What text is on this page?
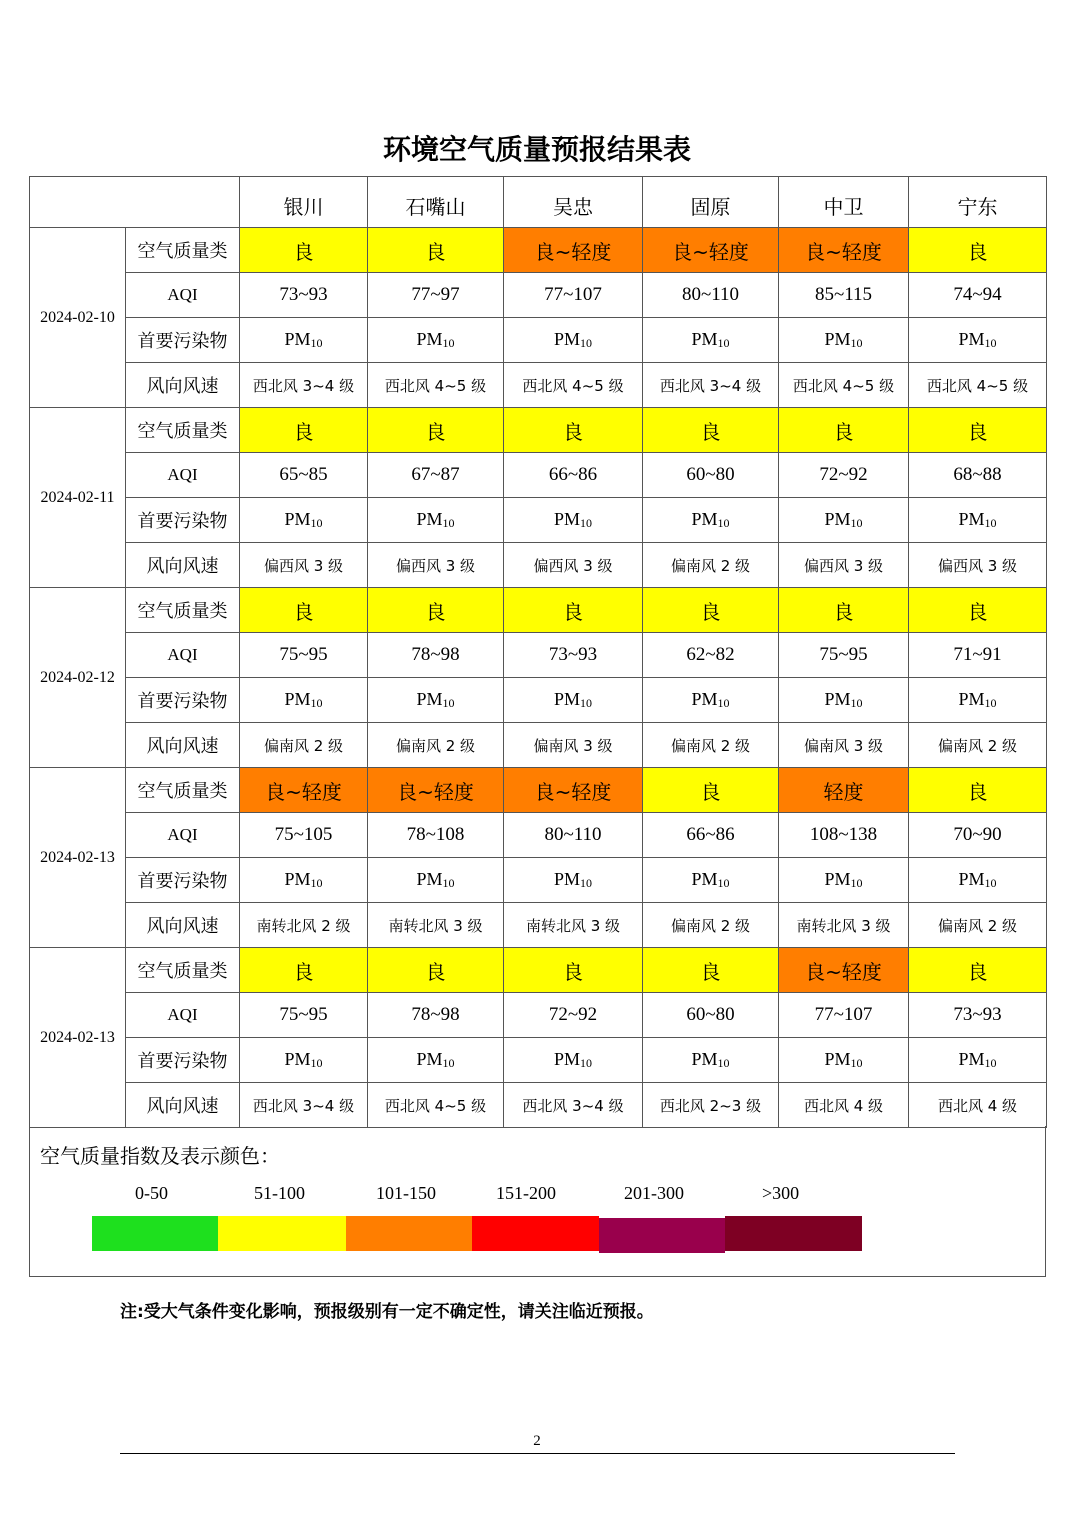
环境空气质量预报结果表
		银川	石嘴山	吴忠	固原	中卫	宁东
2024-02-10	空气质量类	良	良	良~轻度	良~轻度	良~轻度	良
	AQI	73~93	77~97	77~107	80~110	85~115	74~94
	首要污染物	$PM_{10}$	$PM_{10}$	$PM_{10}$	$PM_{10}$	$PM_{10}$	$PM_{10}$
	风向风速	西北风 3~4 级	西北风 4~5 级	西北风 4~5 级	西北风 3~4 级	西北风 4~5 级	西北风 4~5 级
2024-02-11	空气质量类	良	良	良	良	良	良
	AQI	65~85	67~87	66~86	60~80	72~92	68~88
	首要污染物	$PM_{10}$	$PM_{10}$	$PM_{10}$	$PM_{10}$	$PM_{10}$	$PM_{10}$
	风向风速	偏西风 3 级	偏西风 3 级	偏西风 3 级	偏南风 2 级	偏西风 3 级	偏西风 3 级
2024-02-12	空气质量类	良	良	良	良	良	良
	AQI	75~95	78~98	73~93	62~82	75~95	71~91
	首要污染物	$PM_{10}$	$PM_{10}$	$PM_{10}$	$PM_{10}$	$PM_{10}$	$PM_{10}$
	风向风速	偏南风 2 级	偏南风 2 级	偏南风 3 级	偏南风 2 级	偏南风 3 级	偏南风 2 级
2024-02-13	空气质量类	良~轻度	良~轻度	良~轻度	良	轻度	良
	AQI	75~105	78~108	80~110	66~86	108~138	70~90
	首要污染物	$PM_{10}$	$PM_{10}$	$PM_{10}$	$PM_{10}$	$PM_{10}$	$PM_{10}$
	风向风速	南转北风 2 级	南转北风 3 级	南转北风 3 级	偏南风 2 级	南转北风 3 级	偏南风 2 级
2024-02-13	空气质量类	良	良	良	良	良~轻度	良
	AQI	75~95	78~98	72~92	60~80	77~107	73~93
	首要污染物	$PM_{10}$	$PM_{10}$	$PM_{10}$	$PM_{10}$	$PM_{10}$	$PM_{10}$
	风向风速	西北风 3~4 级	西北风 4~5 级	西北风 3~4 级	西北风 2~3 级	西北风 4 级	西北风 4 级
空气质量指数及表示颜色：
0-50	51-100	101-150	151-200	201-300	>300
注:受大气条件变化影响，预报级别有一定不确定性，请关注临近预报。
2
